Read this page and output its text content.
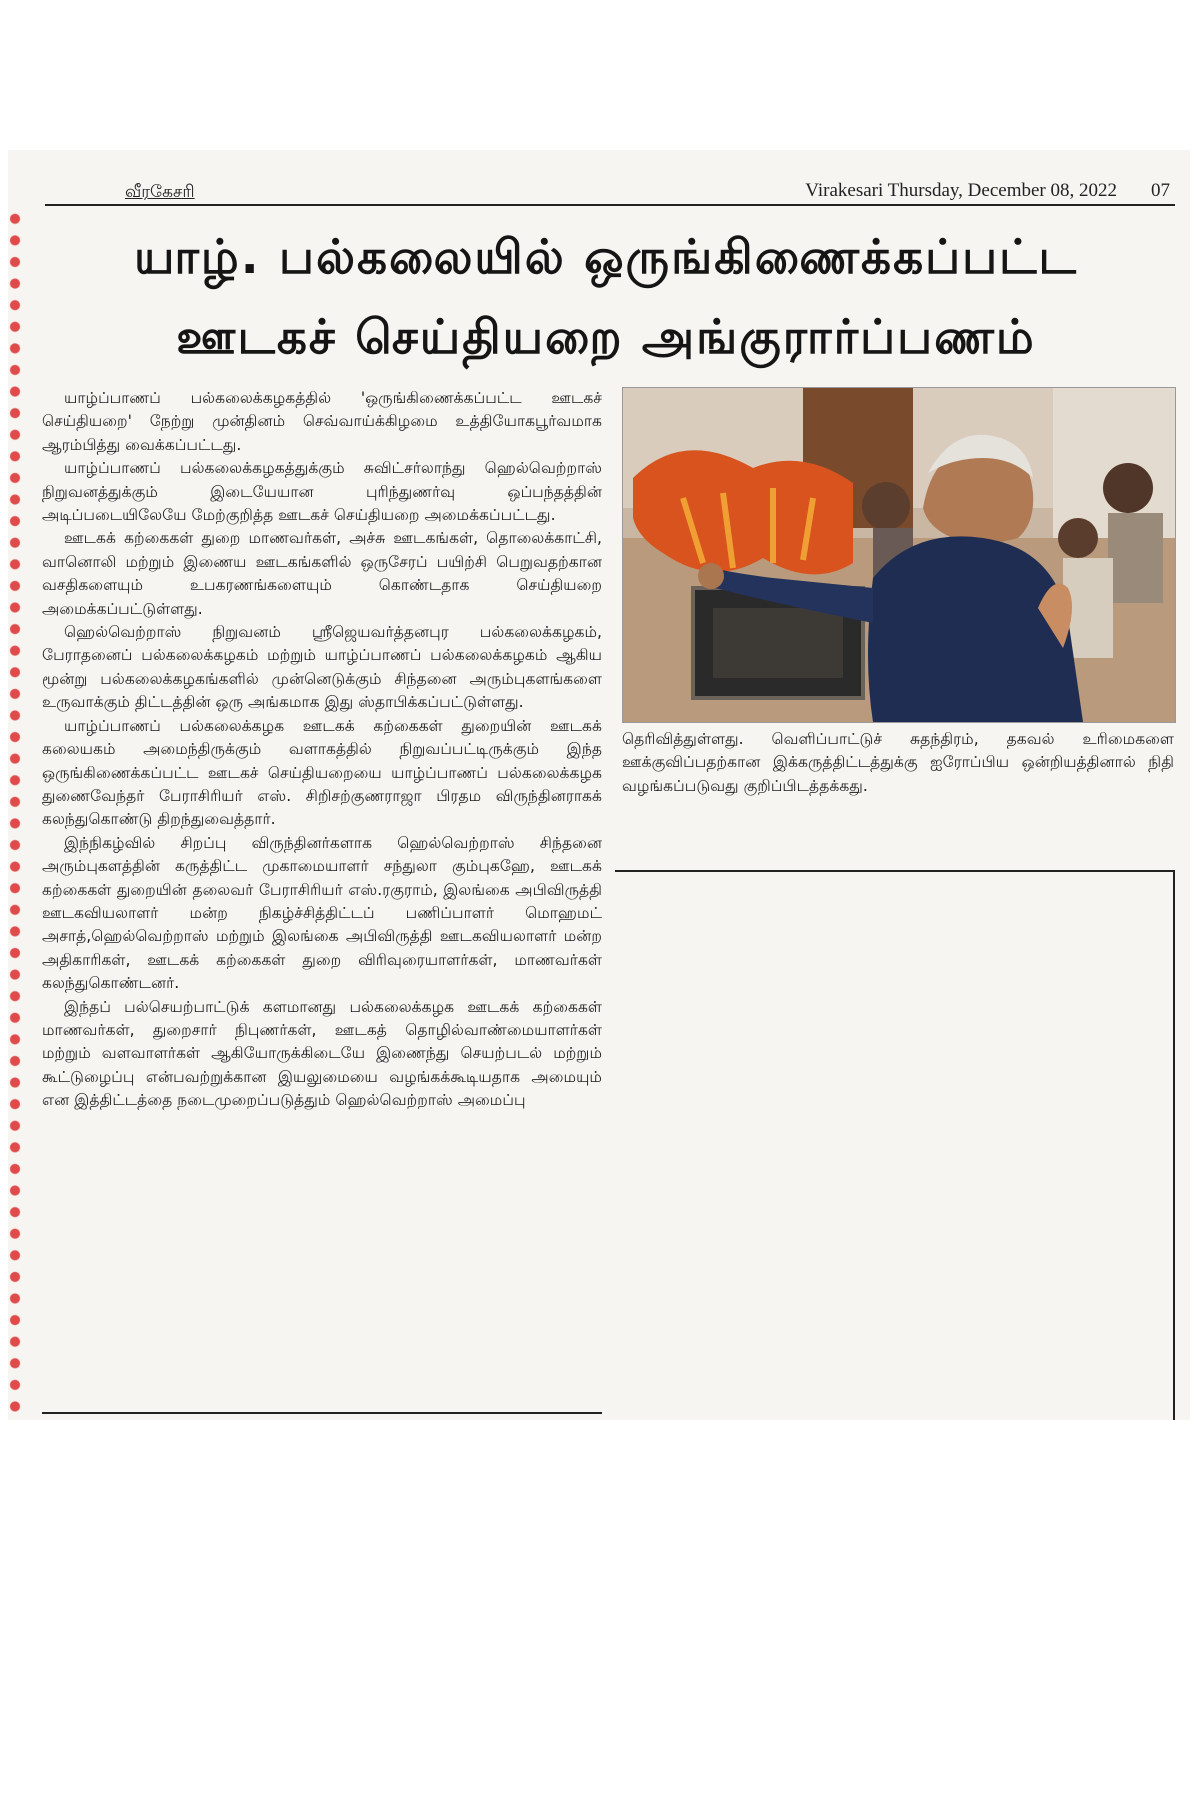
வீரகேசரி	Virakesari Thursday, December 08, 2022 07
யாழ். பல்கலையில் ஒருங்கிணைக்கப்பட்ட
ஊடகச் செய்தியறை அங்குரார்ப்பணம்

யாழ்ப்பாணப் பல்கலைக்கழகத்தில் 'ஒருங்கிணைக்கப்பட்ட ஊடகச் செய்தியறை' நேற்று முன்தினம் செவ்வாய்க்கிழமை உத்தியோகபூர்வமாக ஆரம்பித்து வைக்கப்பட்டது.

யாழ்ப்பாணப் பல்கலைக்கழகத்துக்கும் சுவிட்சர்லாந்து ஹெல்வெற்றாஸ் நிறுவனத்துக்கும் இடையேயான புரிந்துணர்வு ஒப்பந்தத்தின் அடிப்படையிலேயே மேற்குறித்த ஊடகச் செய்தியறை அமைக்கப்பட்டது.

ஊடகக் கற்கைகள் துறை மாணவர்கள், அச்சு ஊடகங்கள், தொலைக்காட்சி, வானொலி மற்றும் இணைய ஊடகங்களில் ஒருசேரப் பயிற்சி பெறுவதற்கான வசதிகளையும் உபகரணங்களையும் கொண்டதாக செய்தியறை அமைக்கப்பட்டுள்ளது.

ஹெல்வெற்றாஸ் நிறுவனம் ஸ்ரீஜெயவர்த்தனபுர பல்கலைக்கழகம், பேராதனைப் பல்கலைக்கழகம் மற்றும் யாழ்ப்பாணப் பல்கலைக்கழகம் ஆகிய மூன்று பல்கலைக்கழகங்களில் முன்னெடுக்கும் சிந்தனை அரும்புகளங்களை உருவாக்கும் திட்டத்தின் ஒரு அங்கமாக இது ஸ்தாபிக்கப்பட்டுள்ளது.

யாழ்ப்பாணப் பல்கலைக்கழக ஊடகக் கற்கைகள் துறையின் ஊடகக் கலையகம் அமைந்திருக்கும் வளாகத்தில் நிறுவப்பட்டிருக்கும் இந்த ஒருங்கிணைக்கப்பட்ட ஊடகச் செய்தியறையை யாழ்ப்பாணப் பல்கலைக்கழக துணைவேந்தர் பேராசிரியர் எஸ். சிறிசற்குணராஜா பிரதம விருந்தினராகக் கலந்துகொண்டு திறந்துவைத்தார்.

இந்நிகழ்வில் சிறப்பு விருந்தினர்களாக ஹெல்வெற்றாஸ் சிந்தனை அரும்புகளத்தின் கருத்திட்ட முகாமையாளர் சந்துலா கும்புகஹே, ஊடகக் கற்கைகள் துறையின் தலைவர் பேராசிரியர் எஸ்.ரகுராம், இலங்கை அபிவிருத்தி ஊடகவியலாளர் மன்ற நிகழ்ச்சித்திட்டப் பணிப்பாளர் மொஹமட் அசாத்,ஹெல்வெற்றாஸ் மற்றும் இலங்கை அபிவிருத்தி ஊடகவியலாளர் மன்ற அதிகாரிகள், ஊடகக் கற்கைகள் துறை விரிவுரையாளர்கள், மாணவர்கள் கலந்துகொண்டனர்.

இந்தப் பல்செயற்பாட்டுக் களமானது பல்கலைக்கழக ஊடகக் கற்கைகள் மாணவர்கள், துறைசார் நிபுணர்கள், ஊடகத் தொழில்வாண்மையாளர்கள் மற்றும் வளவாளர்கள் ஆகியோருக்கிடையே இணைந்து செயற்படல் மற்றும் கூட்டுழைப்பு என்பவற்றுக்கான இயலுமையை வழங்கக்கூடியதாக அமையும் என இத்திட்டத்தை நடைமுறைப்படுத்தும் ஹெல்வெற்றாஸ் அமைப்பு

தெரிவித்துள்ளது. வெளிப்பாட்டுச் சுதந்திரம், தகவல் உரிமைகளை ஊக்குவிப்பதற்கான இக்கருத்திட்டத்துக்கு ஐரோப்பிய ஒன்றியத்தினால் நிதி வழங்கப்படுவது குறிப்பிடத்தக்கது.
